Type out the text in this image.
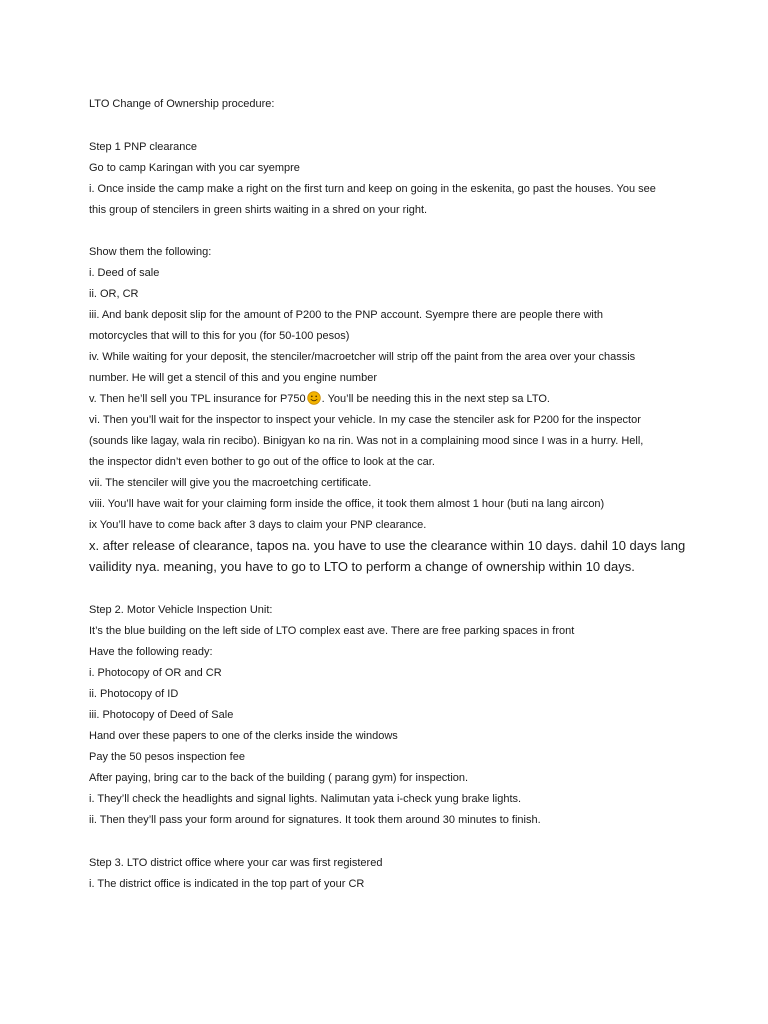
LTO Change of Ownership procedure:
Step 1 PNP clearance
Go to camp Karingan with you car syempre
i. Once inside the camp make a right on the first turn and keep on going in the eskenita, go past the houses. You see
this group of stencilers in green shirts waiting in a shred on your right.
Show them the following:
i. Deed of sale
ii. OR, CR
iii. And bank deposit slip for the amount of P200 to the PNP account. Syempre there are people there with
motorcycles that will to this for you (for 50-100 pesos)
iv. While waiting for your deposit, the stenciler/macroetcher will strip off the paint from the area over your chassis
number. He will get a stencil of this and you engine number
v. Then he’ll sell you TPL insurance for P750 . You’ll be needing this in the next step sa LTO.
vi. Then you’ll wait for the inspector to inspect your vehicle. In my case the stenciler ask for P200 for the inspector
(sounds like lagay, wala rin recibo). Binigyan ko na rin. Was not in a complaining mood since I was in a hurry. Hell,
the inspector didn’t even bother to go out of the office to look at the car.
vii. The stenciler will give you the macroetching certificate.
viii. You’ll have wait for your claiming form inside the office, it took them almost 1 hour (buti na lang aircon)
ix You’ll have to come back after 3 days to claim your PNP clearance.
x. after release of clearance, tapos na. you have to use the clearance within 10 days. dahil 10 days lang
vailidity nya. meaning, you have to go to LTO to perform a change of ownership within 10 days.
Step 2. Motor Vehicle Inspection Unit:
It’s the blue building on the left side of LTO complex east ave. There are free parking spaces in front
Have the following ready:
i. Photocopy of OR and CR
ii. Photocopy of ID
iii. Photocopy of Deed of Sale
Hand over these papers to one of the clerks inside the windows
Pay the 50 pesos inspection fee
After paying, bring car to the back of the building ( parang gym) for inspection.
i. They’ll check the headlights and signal lights. Nalimutan yata i-check yung brake lights.
ii. Then they’ll pass your form around for signatures. It took them around 30 minutes to finish.
Step 3. LTO district office where your car was first registered
i. The district office is indicated in the top part of your CR
